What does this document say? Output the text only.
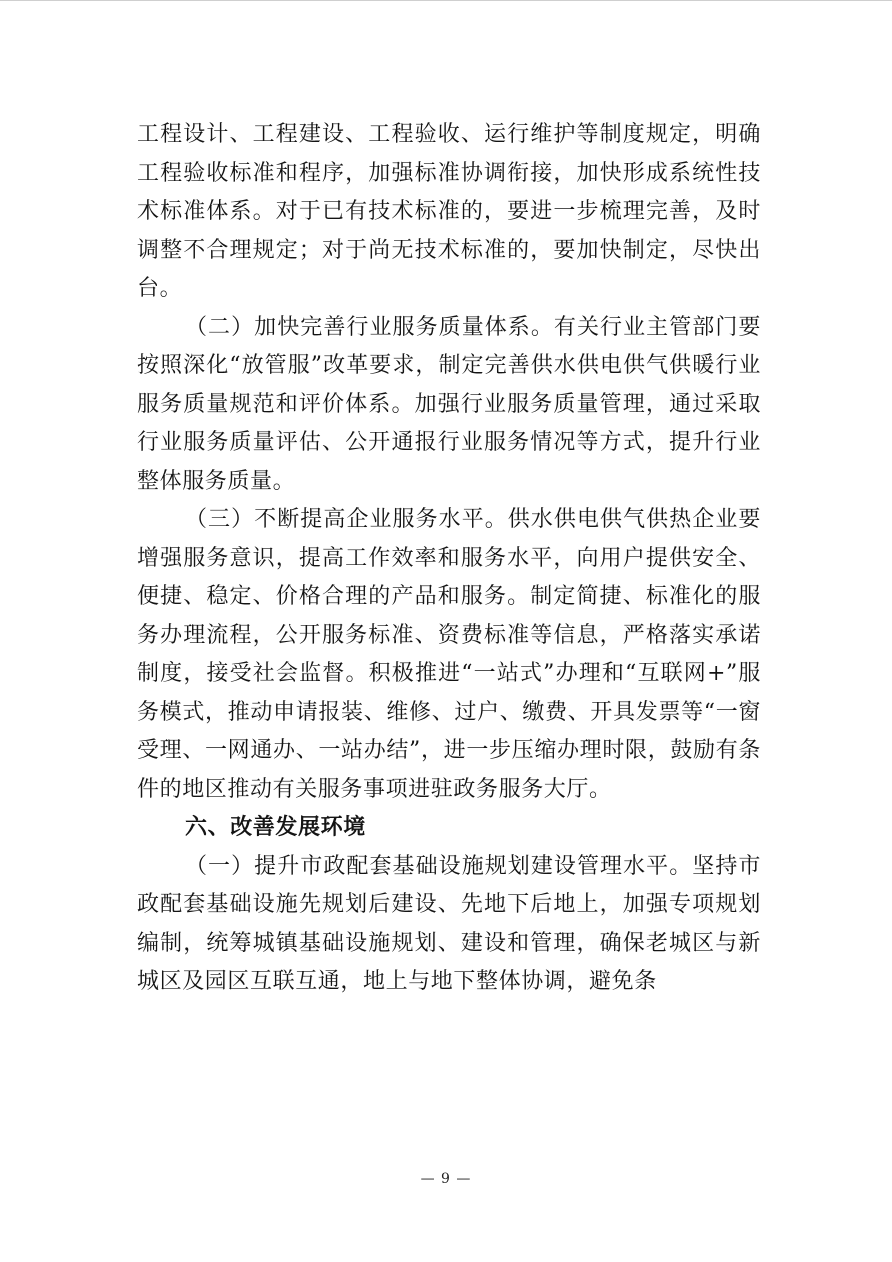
工程设计、工程建设、工程验收、运行维护等制度规定，明确工程验收标准和程序，加强标准协调衔接，加快形成系统性技术标准体系。对于已有技术标准的，要进一步梳理完善，及时调整不合理规定；对于尚无技术标准的，要加快制定，尽快出台。

（二）加快完善行业服务质量体系。有关行业主管部门要按照深化“放管服”改革要求，制定完善供水供电供气供暖行业服务质量规范和评价体系。加强行业服务质量管理，通过采取行业服务质量评估、公开通报行业服务情况等方式，提升行业整体服务质量。

（三）不断提高企业服务水平。供水供电供气供热企业要增强服务意识，提高工作效率和服务水平，向用户提供安全、便捷、稳定、价格合理的产品和服务。制定简捷、标准化的服务办理流程，公开服务标准、资费标准等信息，严格落实承诺制度，接受社会监督。积极推进“一站式”办理和“互联网+”服务模式，推动申请报装、维修、过户、缴费、开具发票等“一窗受理、一网通办、一站办结”，进一步压缩办理时限，鼓励有条件的地区推动有关服务事项进驻政务服务大厅。

六、改善发展环境

（一）提升市政配套基础设施规划建设管理水平。坚持市政配套基础设施先规划后建设、先地下后地上，加强专项规划编制，统筹城镇基础设施规划、建设和管理，确保老城区与新城区及园区互联互通，地上与地下整体协调，避免条

— 9 —
